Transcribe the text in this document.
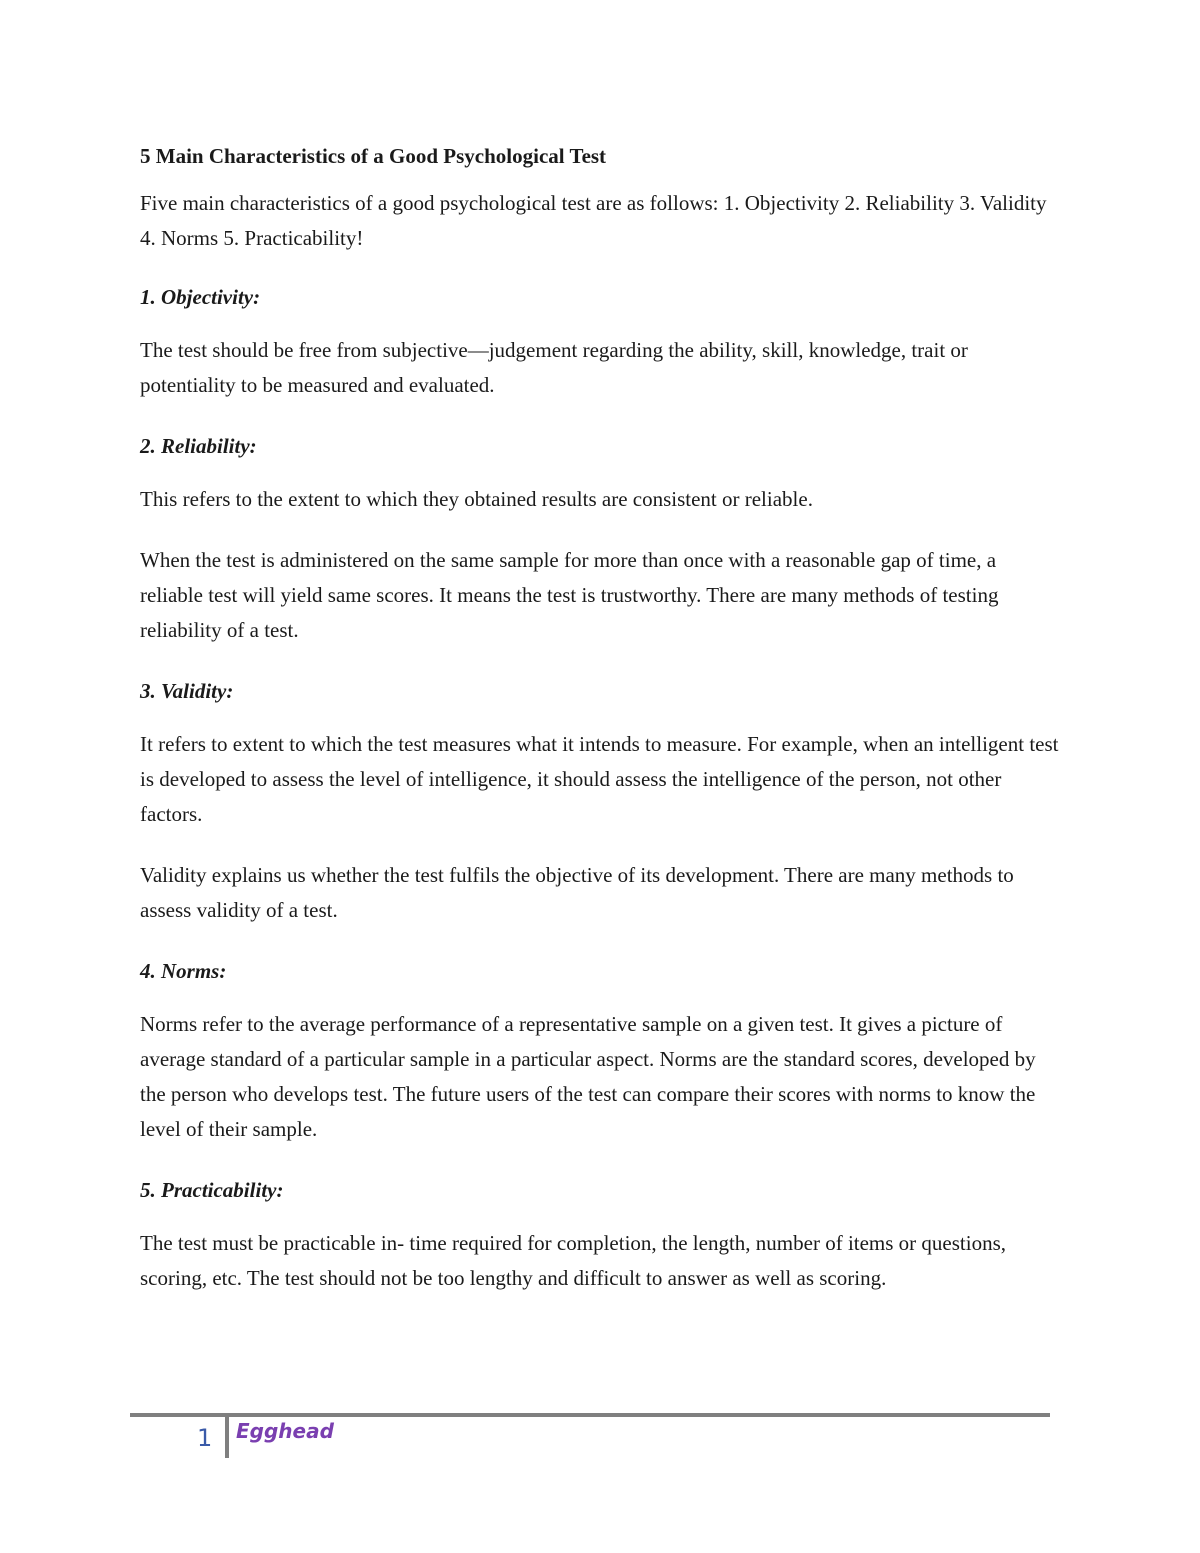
5 Main Characteristics of a Good Psychological Test
Five main characteristics of a good psychological test are as follows: 1. Objectivity 2. Reliability 3. Validity 4. Norms 5. Practicability!
1. Objectivity:
The test should be free from subjective—judgement regarding the ability, skill, knowledge, trait or potentiality to be measured and evaluated.
2. Reliability:
This refers to the extent to which they obtained results are consistent or reliable.
When the test is administered on the same sample for more than once with a reasonable gap of time, a reliable test will yield same scores. It means the test is trustworthy. There are many methods of testing reliability of a test.
3. Validity:
It refers to extent to which the test measures what it intends to measure. For example, when an intelligent test is developed to assess the level of intelligence, it should assess the intelligence of the person, not other factors.
Validity explains us whether the test fulfils the objective of its development. There are many methods to assess validity of a test.
4. Norms:
Norms refer to the average performance of a representative sample on a given test. It gives a picture of average standard of a particular sample in a particular aspect. Norms are the standard scores, developed by the person who develops test. The future users of the test can compare their scores with norms to know the level of their sample.
5. Practicability:
The test must be practicable in- time required for completion, the length, number of items or questions, scoring, etc. The test should not be too lengthy and difficult to answer as well as scoring.
1 Egghead
